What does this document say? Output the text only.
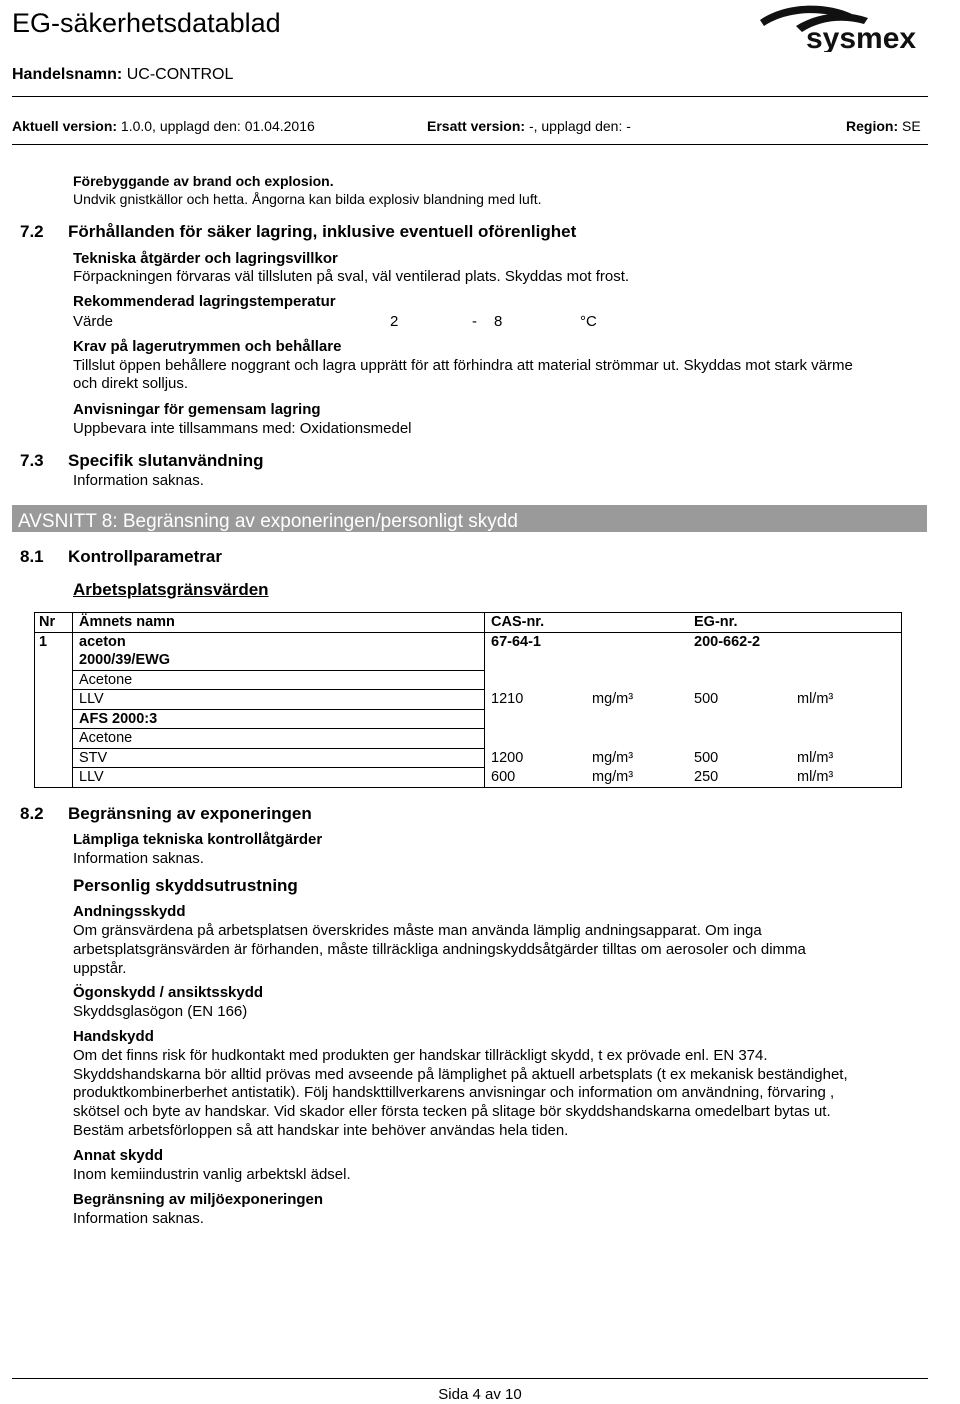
EG-säkerhetsdatablad	sysmex
Handelsnamn: UC-CONTROL
Aktuell version: 1.0.0, upplagd den: 01.04.2016	Ersatt version: -, upplagd den: -	Region: SE
Förebyggande av brand och explosion.
Undvik gnistkällor och hetta. Ångorna kan bilda explosiv blandning med luft.
7.2 Förhållanden för säker lagring, inklusive eventuell oförenlighet
Tekniska åtgärder och lagringsvillkor
Förpackningen förvaras väl tillsluten på sval, väl ventilerad plats. Skyddas mot frost.
Rekommenderad lagringstemperatur
Värde	2	- 8	°C
Krav på lagerutrymmen och behållare
Tillslut öppen behållere noggrant och lagra upprätt för att förhindra att material strömmar ut. Skyddas mot stark värme
och direkt solljus.
Anvisningar för gemensam lagring
Uppbevara inte tillsammans med: Oxidationsmedel
7.3 Specifik slutanvändning
Information saknas.
AVSNITT 8: Begränsning av exponeringen/personligt skydd
8.1 Kontrollparametrar
Arbetsplatsgränsvärden
Nr	Ämnets namn	CAS-nr.		EG-nr.	
1	aceton	67-64-1		200-662-2	
	2000/39/EWG				
	Acetone				
	LLV	1210	mg/m³	500	ml/m³
	AFS 2000:3				
	Acetone				
	STV	1200	mg/m³	500	ml/m³
	LLV	600	mg/m³	250	ml/m³
8.2 Begränsning av exponeringen
Lämpliga tekniska kontrollåtgärder
Information saknas.
Personlig skyddsutrustning
Andningsskydd
Om gränsvärdena på arbetsplatsen överskrides måste man använda lämplig andningsapparat. Om inga
arbetsplatsgränsvärden är förhanden, måste tillräckliga andningskyddsåtgärder tilltas om aerosoler och dimma
uppstår.
Ögonskydd / ansiktsskydd
Skyddsglasögon (EN 166)
Handskydd
Om det finns risk för hudkontakt med produkten ger handskar tillräckligt skydd, t ex prövade enl. EN 374.
Skyddshandskarna bör alltid prövas med avseende på lämplighet på aktuell arbetsplats (t ex mekanisk beständighet,
produktkombinerberhet antistatik). Följ handskttillverkarens anvisningar och information om användning, förvaring ,
skötsel och byte av handskar. Vid skador eller första tecken på slitage bör skyddshandskarna omedelbart bytas ut.
Bestäm arbetsförloppen så att handskar inte behöver användas hela tiden.
Annat skydd
Inom kemiindustrin vanlig arbektskl ädsel.
Begränsning av miljöexponeringen
Information saknas.
Sida 4 av 10
